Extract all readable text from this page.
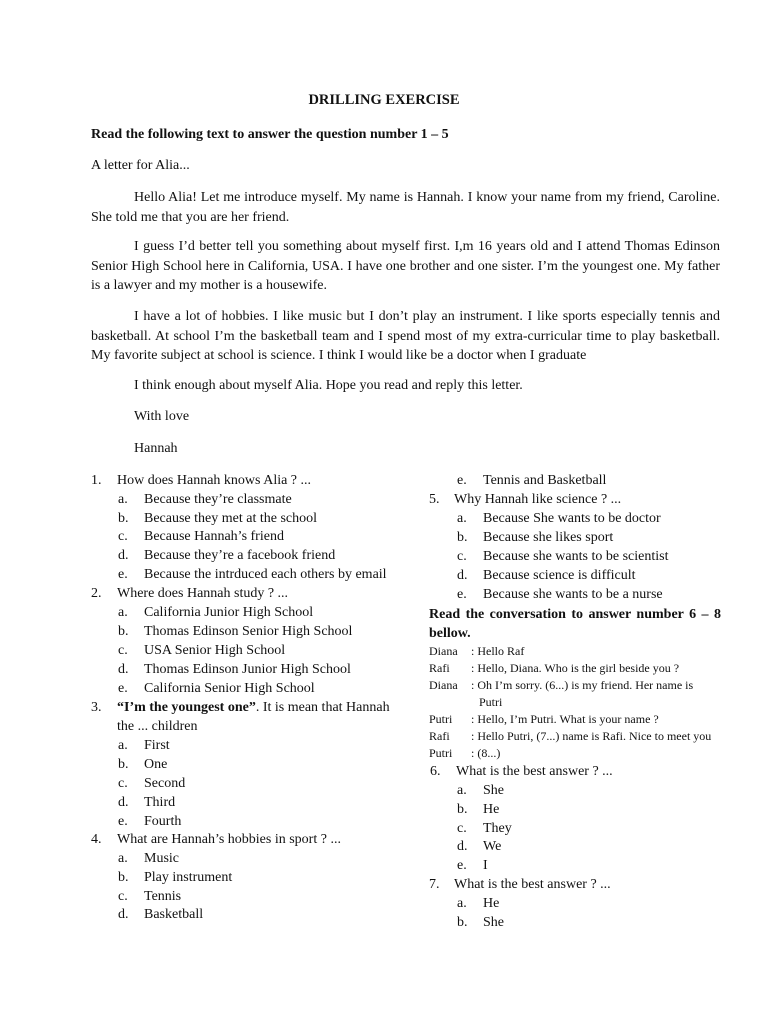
DRILLING EXERCISE
Read the following text to answer the question number 1 – 5
A letter for Alia...
Hello Alia! Let me introduce myself. My name is Hannah. I know your name from my friend, Caroline. She told me that you are her friend.
I guess I’d better tell you something about myself first. I,m 16 years old and I attend Thomas Edinson Senior High School here in California, USA. I have one brother and one sister. I’m the youngest one. My father is a lawyer and my mother is a housewife.
I have a lot of hobbies. I like music but I don’t play an instrument. I like sports especially tennis and basketball. At school I’m the basketball team and I spend most of my extra-curricular time to play basketball. My favorite subject at school is science. I think I would like be a doctor when I graduate
I think enough about myself Alia. Hope you read and reply this letter.
With love
Hannah
1. How does Hannah knows Alia ? ...
a. Because they’re classmate
b. Because they met at the school
c. Because Hannah’s friend
d. Because they’re a facebook friend
e. Because the intrduced each others by email
2. Where does Hannah study ? ...
a. California Junior High School
b. Thomas Edinson Senior High School
c. USA Senior High School
d. Thomas Edinson Junior High School
e. California Senior High School
3. “I’m the youngest one”. It is mean that Hannah
the ... children
a. First
b. One
c. Second
d. Third
e. Fourth
4. What are Hannah’s hobbies in sport ? ...
a. Music
b. Play instrument
c. Tennis
d. Basketball
e. Tennis and Basketball
5. Why Hannah like science ? ...
a. Because She wants to be doctor
b. Because she likes sport
c. Because she wants to be scientist
d. Because science is difficult
e. Because she wants to be a nurse
Read the conversation to answer number 6 – 8 bellow.
Diana : Hello Raf
Rafi : Hello, Diana. Who is the girl beside you ?
Diana : Oh I’m sorry. (6...) is my friend. Her name is
Putri
Putri : Hello, I’m Putri. What is your name ?
Rafi : Hello Putri, (7...) name is Rafi. Nice to meet you
Putri : (8...)
6. What is the best answer ? ...
a. She
b. He
c. They
d. We
e. I
7. What is the best answer ? ...
a. He
b. She
